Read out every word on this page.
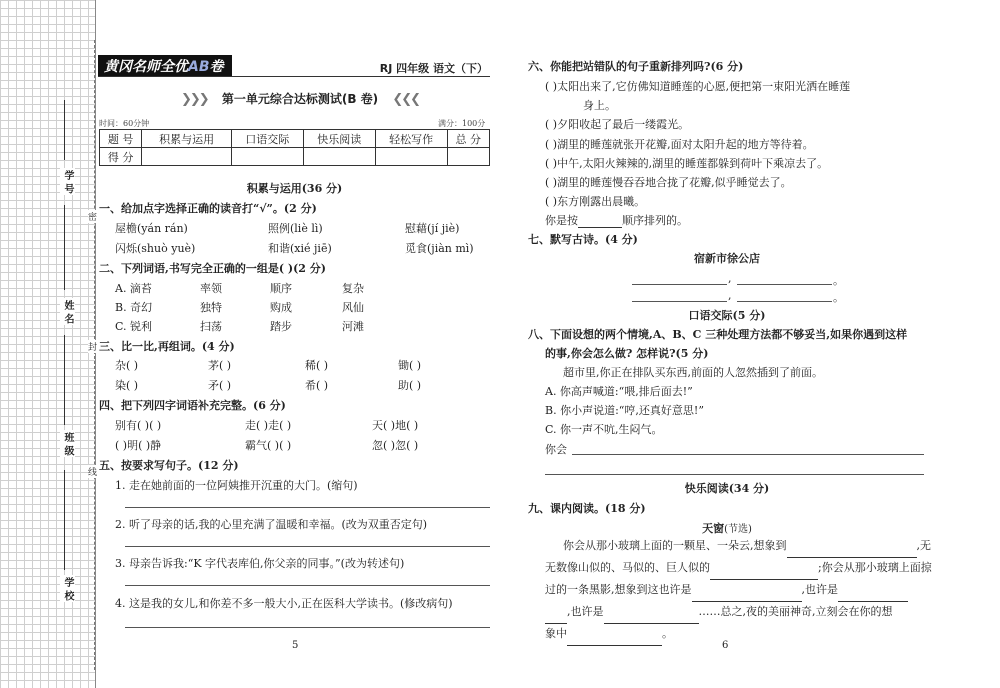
学 号
姓 名
班 级
学 校
密
封
线
黄冈名师全优AB卷	RJ 四年级 语文（下）
❯❯❯ 第一单元综合达标测试(B 卷) ❮❮❮
时间：60分钟	满分：100分
题 号	积累与运用	口语交际	快乐阅读	轻松写作	总 分
得 分					
积累与运用(36 分)
一、给加点字选择正确的读音打“√”。(2 分)
屋檐(yán rán)	照例(liè lì)	慰藉(jí jiè)
闪烁(shuò yuè)	和谐(xié jiē)	觅食(jiàn mì)
二、下列词语,书写完全正确的一组是( )(2 分)
A. 滴苔	率领	顺序	复杂
B. 奇幻	独特	购成	风仙
C. 锐利	扫荡	踏步	河滩
三、比一比,再组词。(4 分)
杂( )	茅( )	稀( )	锄( )
染( )	矛( )	希( )	助( )
四、把下列四字词语补充完整。(6 分)
别有( )( )	走( )走( )	天( )地( )
( )明( )静	霸气( )( )	忽( )忽( )
五、按要求写句子。(12 分)
1. 走在她前面的一位阿姨推开沉重的大门。(缩句)
2. 听了母亲的话,我的心里充满了温暖和幸福。(改为双重否定句)
3. 母亲告诉我:“K 字代表库伯,你父亲的同事。”(改为转述句)
4. 这是我的女儿,和你差不多一般大小,正在医科大学读书。(修改病句)
5
六、你能把站错队的句子重新排列吗?(6 分)
( )太阳出来了,它仿佛知道睡莲的心愿,便把第一束阳光洒在睡莲
身上。
( )夕阳收起了最后一缕霞光。
( )湖里的睡莲就张开花瓣,面对太阳升起的地方等待着。
( )中午,太阳火辣辣的,湖里的睡莲都躲到荷叶下乘凉去了。
( )湖里的睡莲慢吞吞地合拢了花瓣,似乎睡觉去了。
( )东方刚露出晨曦。
你是按	顺序排列的。
七、默写古诗。(4 分)
宿新市徐公店
,	。
,	。
口语交际(5 分)
八、下面设想的两个情境,A、B、C 三种处理方法都不够妥当,如果你遇到这样
的事,你会怎么做? 怎样说?(5 分)
超市里,你正在排队买东西,前面的人忽然插到了前面。
A. 你高声喊道:“喂,排后面去!”
B. 你小声说道:“哼,还真好意思!”
C. 你一声不吭,生闷气。
你会
快乐阅读(34 分)
九、课内阅读。(18 分)
天窗(节选)
你会从那小玻璃上面的一颗星、一朵云,想象到	,无
无数像山似的、马似的、巨人似的	;你会从那小玻璃上面掠
过的一条黑影,想象到这也许是	,也许是
,也许是	……总之,夜的美丽神奇,立刻会在你的想
象中	。
6
